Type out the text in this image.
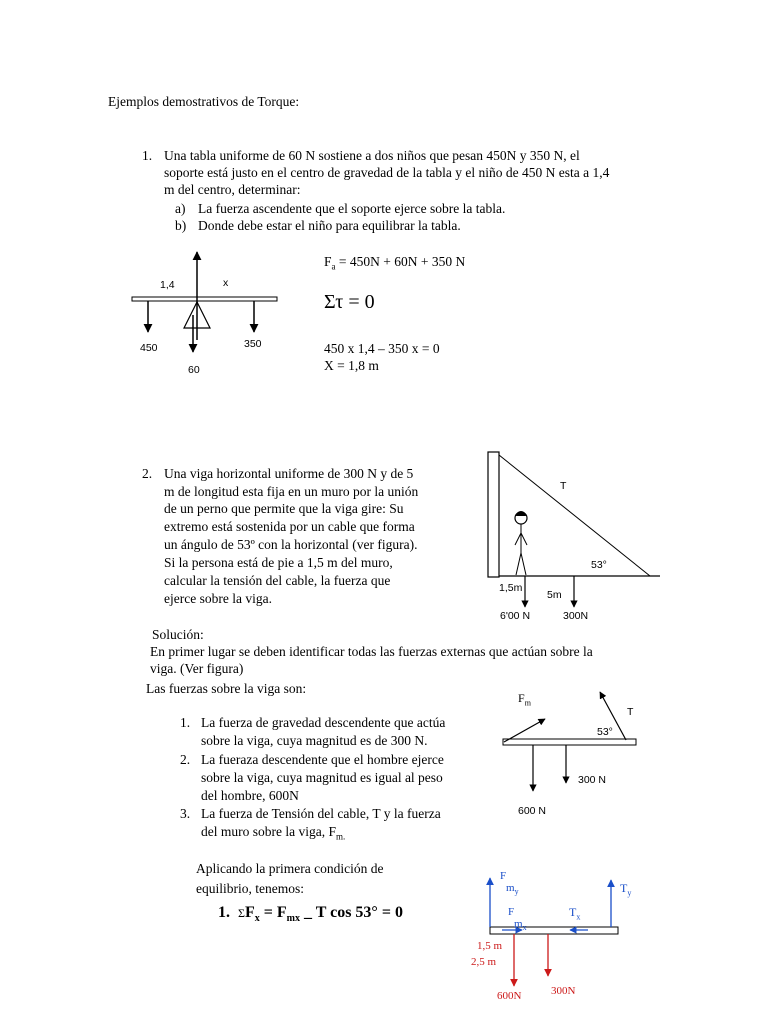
Ejemplos demostrativos de Torque:
1. Una tabla uniforme de 60 N sostiene a dos niños que pesan 450N y 350 N, el
soporte está justo en el centro de gravedad de la tabla y el niño de 450 N esta a 1,4
m del centro, determinar:
a) La fuerza ascendente que el soporte ejerce sobre la tabla.
b) Donde debe estar el niño para equilibrar la tabla.
1,4	x
450	350
60
$F_a = 450N + 60N + 350$ N
Στ = 0
450 x 1,4 – 350 x = 0
X = 1,8 m
2. Una viga horizontal uniforme de 300 N y de 5
m de longitud esta fija en un muro por la unión
de un perno que permite que la viga gire: Su
extremo está sostenida por un cable que forma
un ángulo de 53º con la horizontal (ver figura).
Si la persona está de pie a 1,5 m del muro,
calcular la tensión del cable, la fuerza que
ejerce sobre la viga.
T
53°
1,5m
5m
6'00 N	300N
Solución:
En primer lugar se deben identificar todas las fuerzas externas que actúan sobre la
viga. (Ver figura)
Las fuerzas sobre la viga son:
1. La fuerza de gravedad descendente que actúa
sobre la viga, cuya magnitud es de 300 N.
2. La fueraza descendente que el hombre ejerce
sobre la viga, cuya magnitud es igual al peso
del hombre, 600N
3. La fuerza de Tensión del cable, T y la fuerza
del muro sobre la viga, $F_{m.}$
$F_m$
T
53°
300 N
600 N
Aplicando la primera condición de
equilibrio, tenemos:
1. $\Sigma F_x = F_{mx}$ _ T cos 53° = 0
F
$m_y$	$T_y$
F
$m_x$
$T_x$
1,5 m
2,5 m
600N	300N
